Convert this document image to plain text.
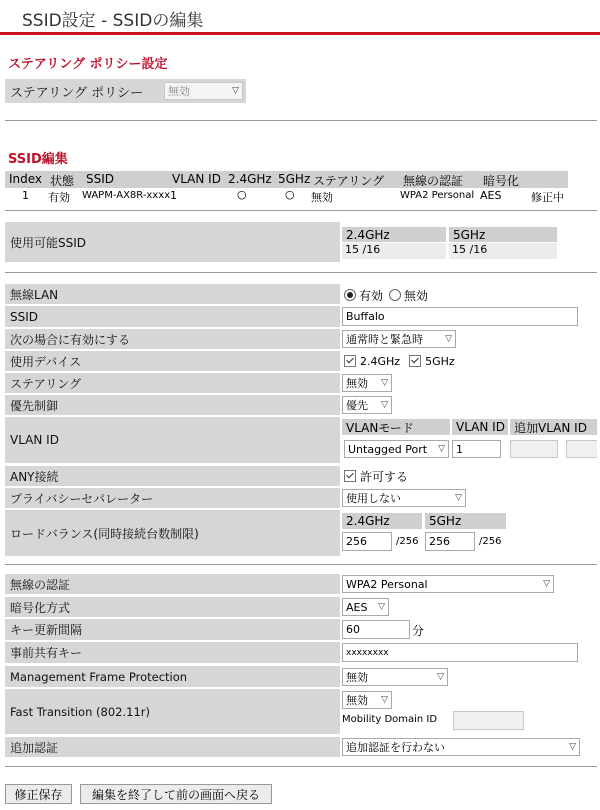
SSID設定 - SSIDの編集
ステアリング ポリシー設定
ステアリング ポリシー	無効	▽
SSID編集
Index 状態 SSID	VLAN ID 2.4GHz 5GHz ステアリング 無線の認証 暗号化
1 有効 WAPM-AX8R-xxxx 1	○	○ 無効	WPA2 Personal AES	修正中
使用可能SSID
2.4GHz	5GHz
15 /16	15 /16
無線LAN	有効 無効
SSID	Buffalo
次の場合に有効にする	通常時と緊急時 ▽
使用デバイス	2.4GHz 5GHz
ステアリング	無効 ▽
優先制御	優先 ▽
VLAN ID
VLANモード	VLAN ID 追加VLAN ID
Untagged Port ▽	1
ANY接続	許可する
プライバシーセパレーター	使用しない	▽
ロードバランス(同時接続台数制限)
2.4GHz	5GHz
256	/256 256	/256
無線の認証	WPA2 Personal	▽
暗号化方式	AES ▽
キー更新間隔	60	分
事前共有キー	xxxxxxxx
Management Frame Protection	無効	▽
Fast Transition (802.11r)
無効 ▽
Mobility Domain ID
追加認証	追加認証を行わない	▽
修正保存	編集を終了して前の画面へ戻る
